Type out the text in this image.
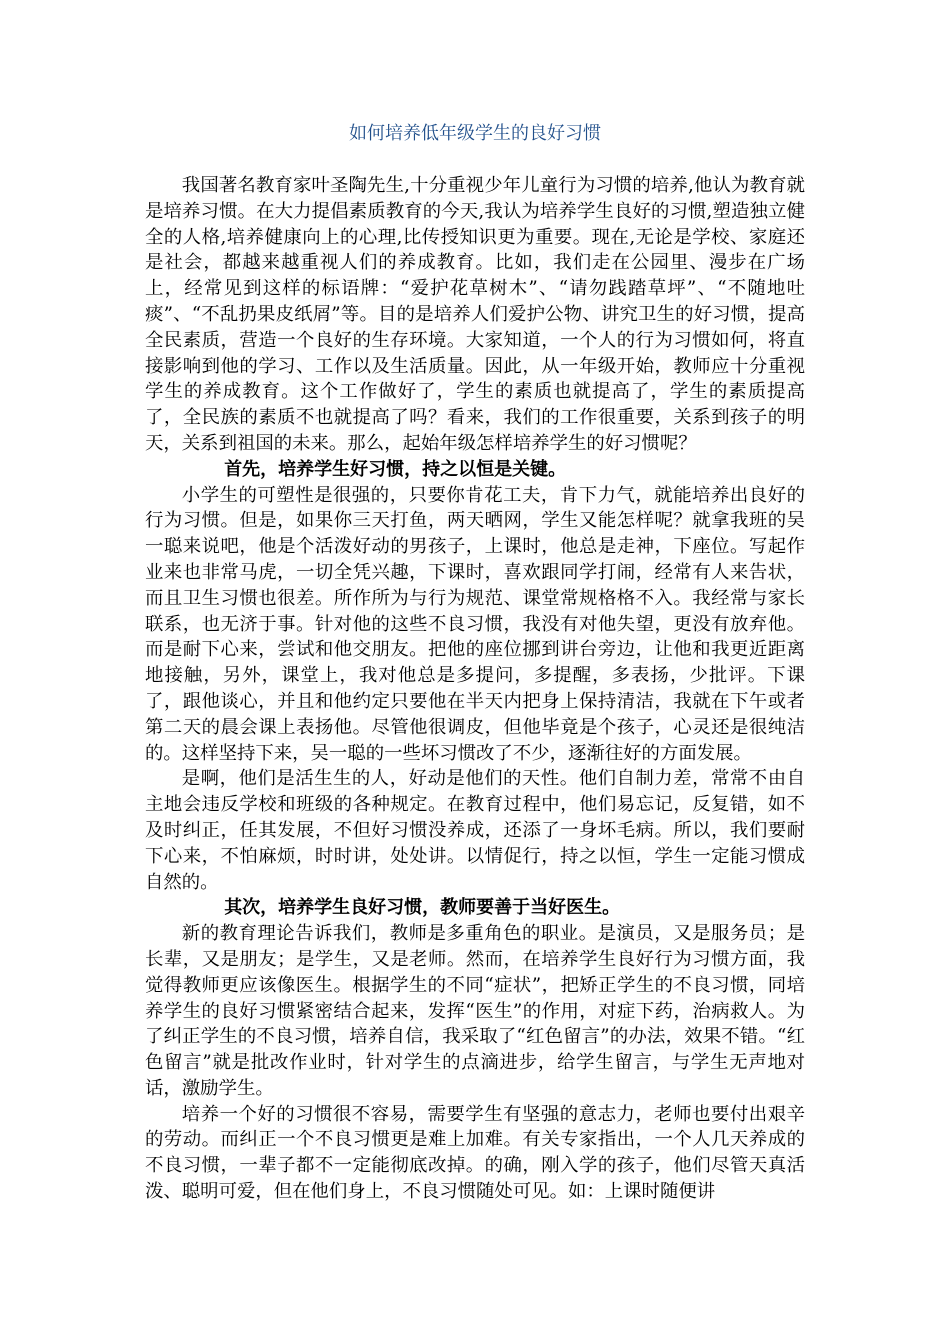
如何培养低年级学生的良好习惯

我国著名教育家叶圣陶先生,十分重视少年儿童行为习惯的培养,他认为教育就是培养习惯。在大力提倡素质教育的今天,我认为培养学生良好的习惯,塑造独立健全的人格,培养健康向上的心理,比传授知识更为重要。现在,无论是学校、家庭还是社会，都越来越重视人们的养成教育。比如，我们走在公园里、漫步在广场上，经常见到这样的标语牌：“爱护花草树木”、“请勿践踏草坪”、“不随地吐痰”、“不乱扔果皮纸屑”等。目的是培养人们爱护公物、讲究卫生的好习惯，提高全民素质，营造一个良好的生存环境。大家知道，一个人的行为习惯如何，将直接影响到他的学习、工作以及生活质量。因此，从一年级开始，教师应十分重视学生的养成教育。这个工作做好了，学生的素质也就提高了，学生的素质提高了，全民族的素质不也就提高了吗？看来，我们的工作很重要，关系到孩子的明天，关系到祖国的未来。那么，起始年级怎样培养学生的好习惯呢？

首先，培养学生好习惯，持之以恒是关键。

小学生的可塑性是很强的，只要你肯花工夫，肯下力气，就能培养出良好的行为习惯。但是，如果你三天打鱼，两天晒网，学生又能怎样呢？就拿我班的吴一聪来说吧，他是个活泼好动的男孩子，上课时，他总是走神，下座位。写起作业来也非常马虎，一切全凭兴趣，下课时，喜欢跟同学打闹，经常有人来告状，而且卫生习惯也很差。所作所为与行为规范、课堂常规格格不入。我经常与家长联系，也无济于事。针对他的这些不良习惯，我没有对他失望，更没有放弃他。而是耐下心来，尝试和他交朋友。把他的座位挪到讲台旁边，让他和我更近距离地接触，另外，课堂上，我对他总是多提问，多提醒，多表扬，少批评。下课了，跟他谈心，并且和他约定只要他在半天内把身上保持清洁，我就在下午或者第二天的晨会课上表扬他。尽管他很调皮，但他毕竟是个孩子，心灵还是很纯洁的。这样坚持下来，吴一聪的一些坏习惯改了不少，逐渐往好的方面发展。

是啊，他们是活生生的人，好动是他们的天性。他们自制力差，常常不由自主地会违反学校和班级的各种规定。在教育过程中，他们易忘记，反复错，如不及时纠正，任其发展，不但好习惯没养成，还添了一身坏毛病。所以，我们要耐下心来，不怕麻烦，时时讲，处处讲。以情促行，持之以恒，学生一定能习惯成自然的。

其次，培养学生良好习惯，教师要善于当好医生。

新的教育理论告诉我们，教师是多重角色的职业。是演员，又是服务员；是长辈，又是朋友；是学生，又是老师。然而，在培养学生良好行为习惯方面，我觉得教师更应该像医生。根据学生的不同“症状”，把矫正学生的不良习惯，同培养学生的良好习惯紧密结合起来，发挥“医生”的作用，对症下药，治病救人。为了纠正学生的不良习惯，培养自信，我采取了“红色留言”的办法，效果不错。“红色留言”就是批改作业时，针对学生的点滴进步，给学生留言，与学生无声地对话，激励学生。

培养一个好的习惯很不容易，需要学生有坚强的意志力，老师也要付出艰辛的劳动。而纠正一个不良习惯更是难上加难。有关专家指出，一个人几天养成的不良习惯，一辈子都不一定能彻底改掉。的确，刚入学的孩子，他们尽管天真活泼、聪明可爱，但在他们身上，不良习惯随处可见。如：上课时随便讲
